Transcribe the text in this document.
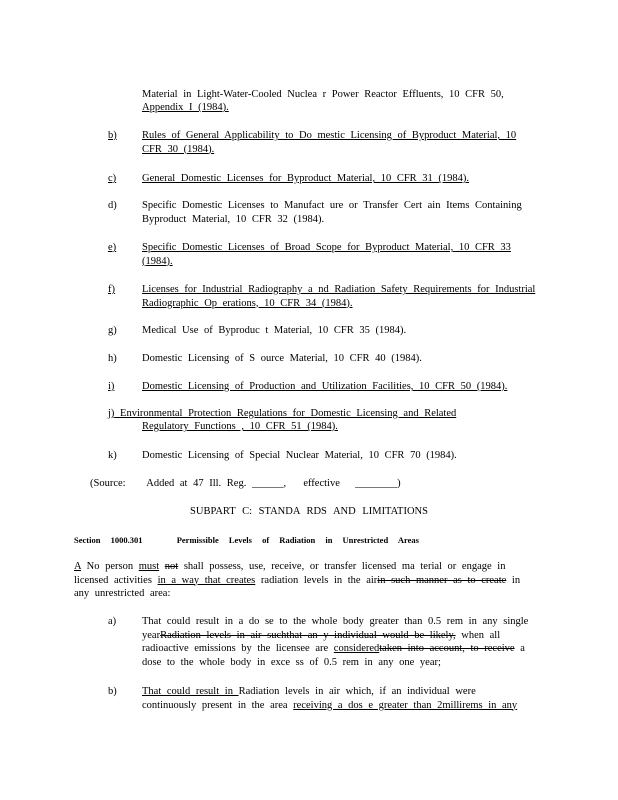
Material in Light-Water-Cooled Nuclea r Power Reactor Effluents, 10 CFR 50,
Appendix I (1984).
b) Rules of General Applicability to Do mestic Licensing of Byproduct Material, 10 CFR 30 (1984).
c) General Domestic Licenses for Byproduct Material, 10 CFR 31 (1984).
d) Specific Domestic Licenses to Manufact ure or Transfer Cert ain Items Containing Byproduct Material, 10 CFR 32 (1984).
e) Specific Domestic Licenses of Broad Scope for Byproduct Material, 10 CFR 33 (1984).
f)	Licenses for Industrial Radiography a nd Radiation Safety Requirements for Industrial Radiographic Op erations, 10 CFR 34 (1984).
g) Medical Use of Byproduc t Material, 10 CFR 35 (1984).
h) Domestic Licensing of S ource Material, 10 CFR 40 (1984).
i)	Domestic Licensing of Production and Utilization Facilities, 10 CFR 50 (1984).
j) Environmental Protection Regulations for Domestic Licensing and Related
Regulatory Functions , 10 CFR 51 (1984).
k) Domestic Licensing of Special Nuclear Material, 10 CFR 70 (1984).
(Source: Added at 47 Ill. Reg. ______, effective ________)
SUBPART C: STANDA RDS AND LIMITATIONS
Section 1000.301	Permissible Levels of Radiation in Unrestricted Areas
A No person must not shall possess, use, receive, or transfer licensed ma terial or engage in licensed activities in a way that creates radiation levels in the airin such manner as to create in any unrestricted area:
a) That could result in a do se to the whole body greater than 0.5 rem in any single yearRadiation levels in air suchthat an y individual would be likely, when all radioactive emissions by the licensee are consideredtaken into account, to receive a dose to the whole body in exce ss of 0.5 rem in any one year;
b) That could result in Radiation levels in air which, if an individual were continuously present in the area receiving a dos e greater than 2millirems in any
